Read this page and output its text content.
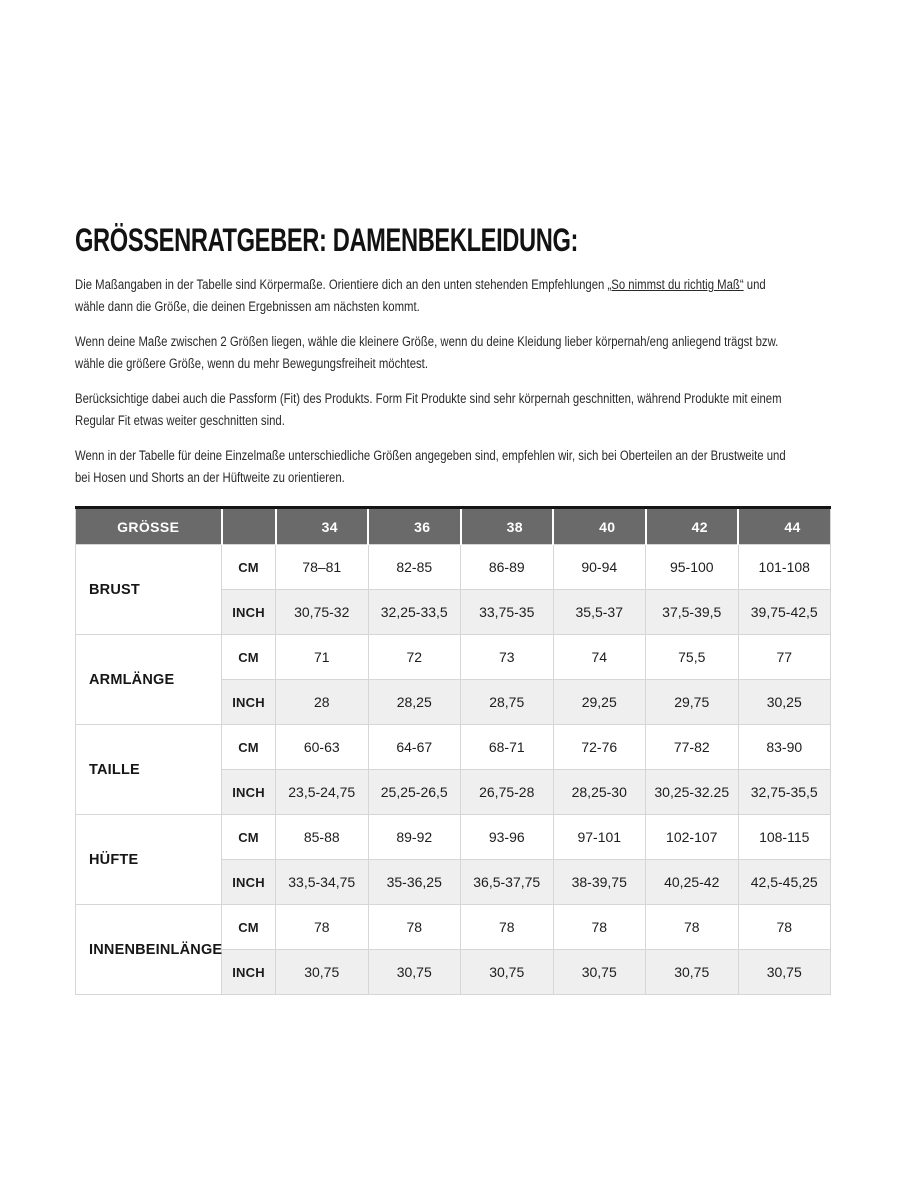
GRÖSSENRATGEBER: DAMENBEKLEIDUNG:

Die Maßangaben in der Tabelle sind Körpermaße. Orientiere dich an den unten stehenden Empfehlungen „So nimmst du richtig Maß“ und
wähle dann die Größe, die deinen Ergebnissen am nächsten kommt.

Wenn deine Maße zwischen 2 Größen liegen, wähle die kleinere Größe, wenn du deine Kleidung lieber körpernah/eng anliegend trägst bzw.
wähle die größere Größe, wenn du mehr Bewegungsfreiheit möchtest.

Berücksichtige dabei auch die Passform (Fit) des Produkts. Form Fit Produkte sind sehr körpernah geschnitten, während Produkte mit einem
Regular Fit etwas weiter geschnitten sind.

Wenn in der Tabelle für deine Einzelmaße unterschiedliche Größen angegeben sind, empfehlen wir, sich bei Oberteilen an der Brustweite und
bei Hosen und Shorts an der Hüftweite zu orientieren.

GRÖSSE		34	36	38	40	42	44
BRUST	CM	78–81	82-85	86-89	90-94	95-100	101-108
	INCH	30,75-32	32,25-33,5	33,75-35	35,5-37	37,5-39,5	39,75-42,5
ARMLÄNGE	CM	71	72	73	74	75,5	77
	INCH	28	28,25	28,75	29,25	29,75	30,25
TAILLE	CM	60-63	64-67	68-71	72-76	77-82	83-90
	INCH	23,5-24,75	25,25-26,5	26,75-28	28,25-30	30,25-32.25	32,75-35,5
HÜFTE	CM	85-88	89-92	93-96	97-101	102-107	108-115
	INCH	33,5-34,75	35-36,25	36,5-37,75	38-39,75	40,25-42	42,5-45,25
INNENBEINLÄNGE	CM	78	78	78	78	78	78
	INCH	30,75	30,75	30,75	30,75	30,75	30,75
